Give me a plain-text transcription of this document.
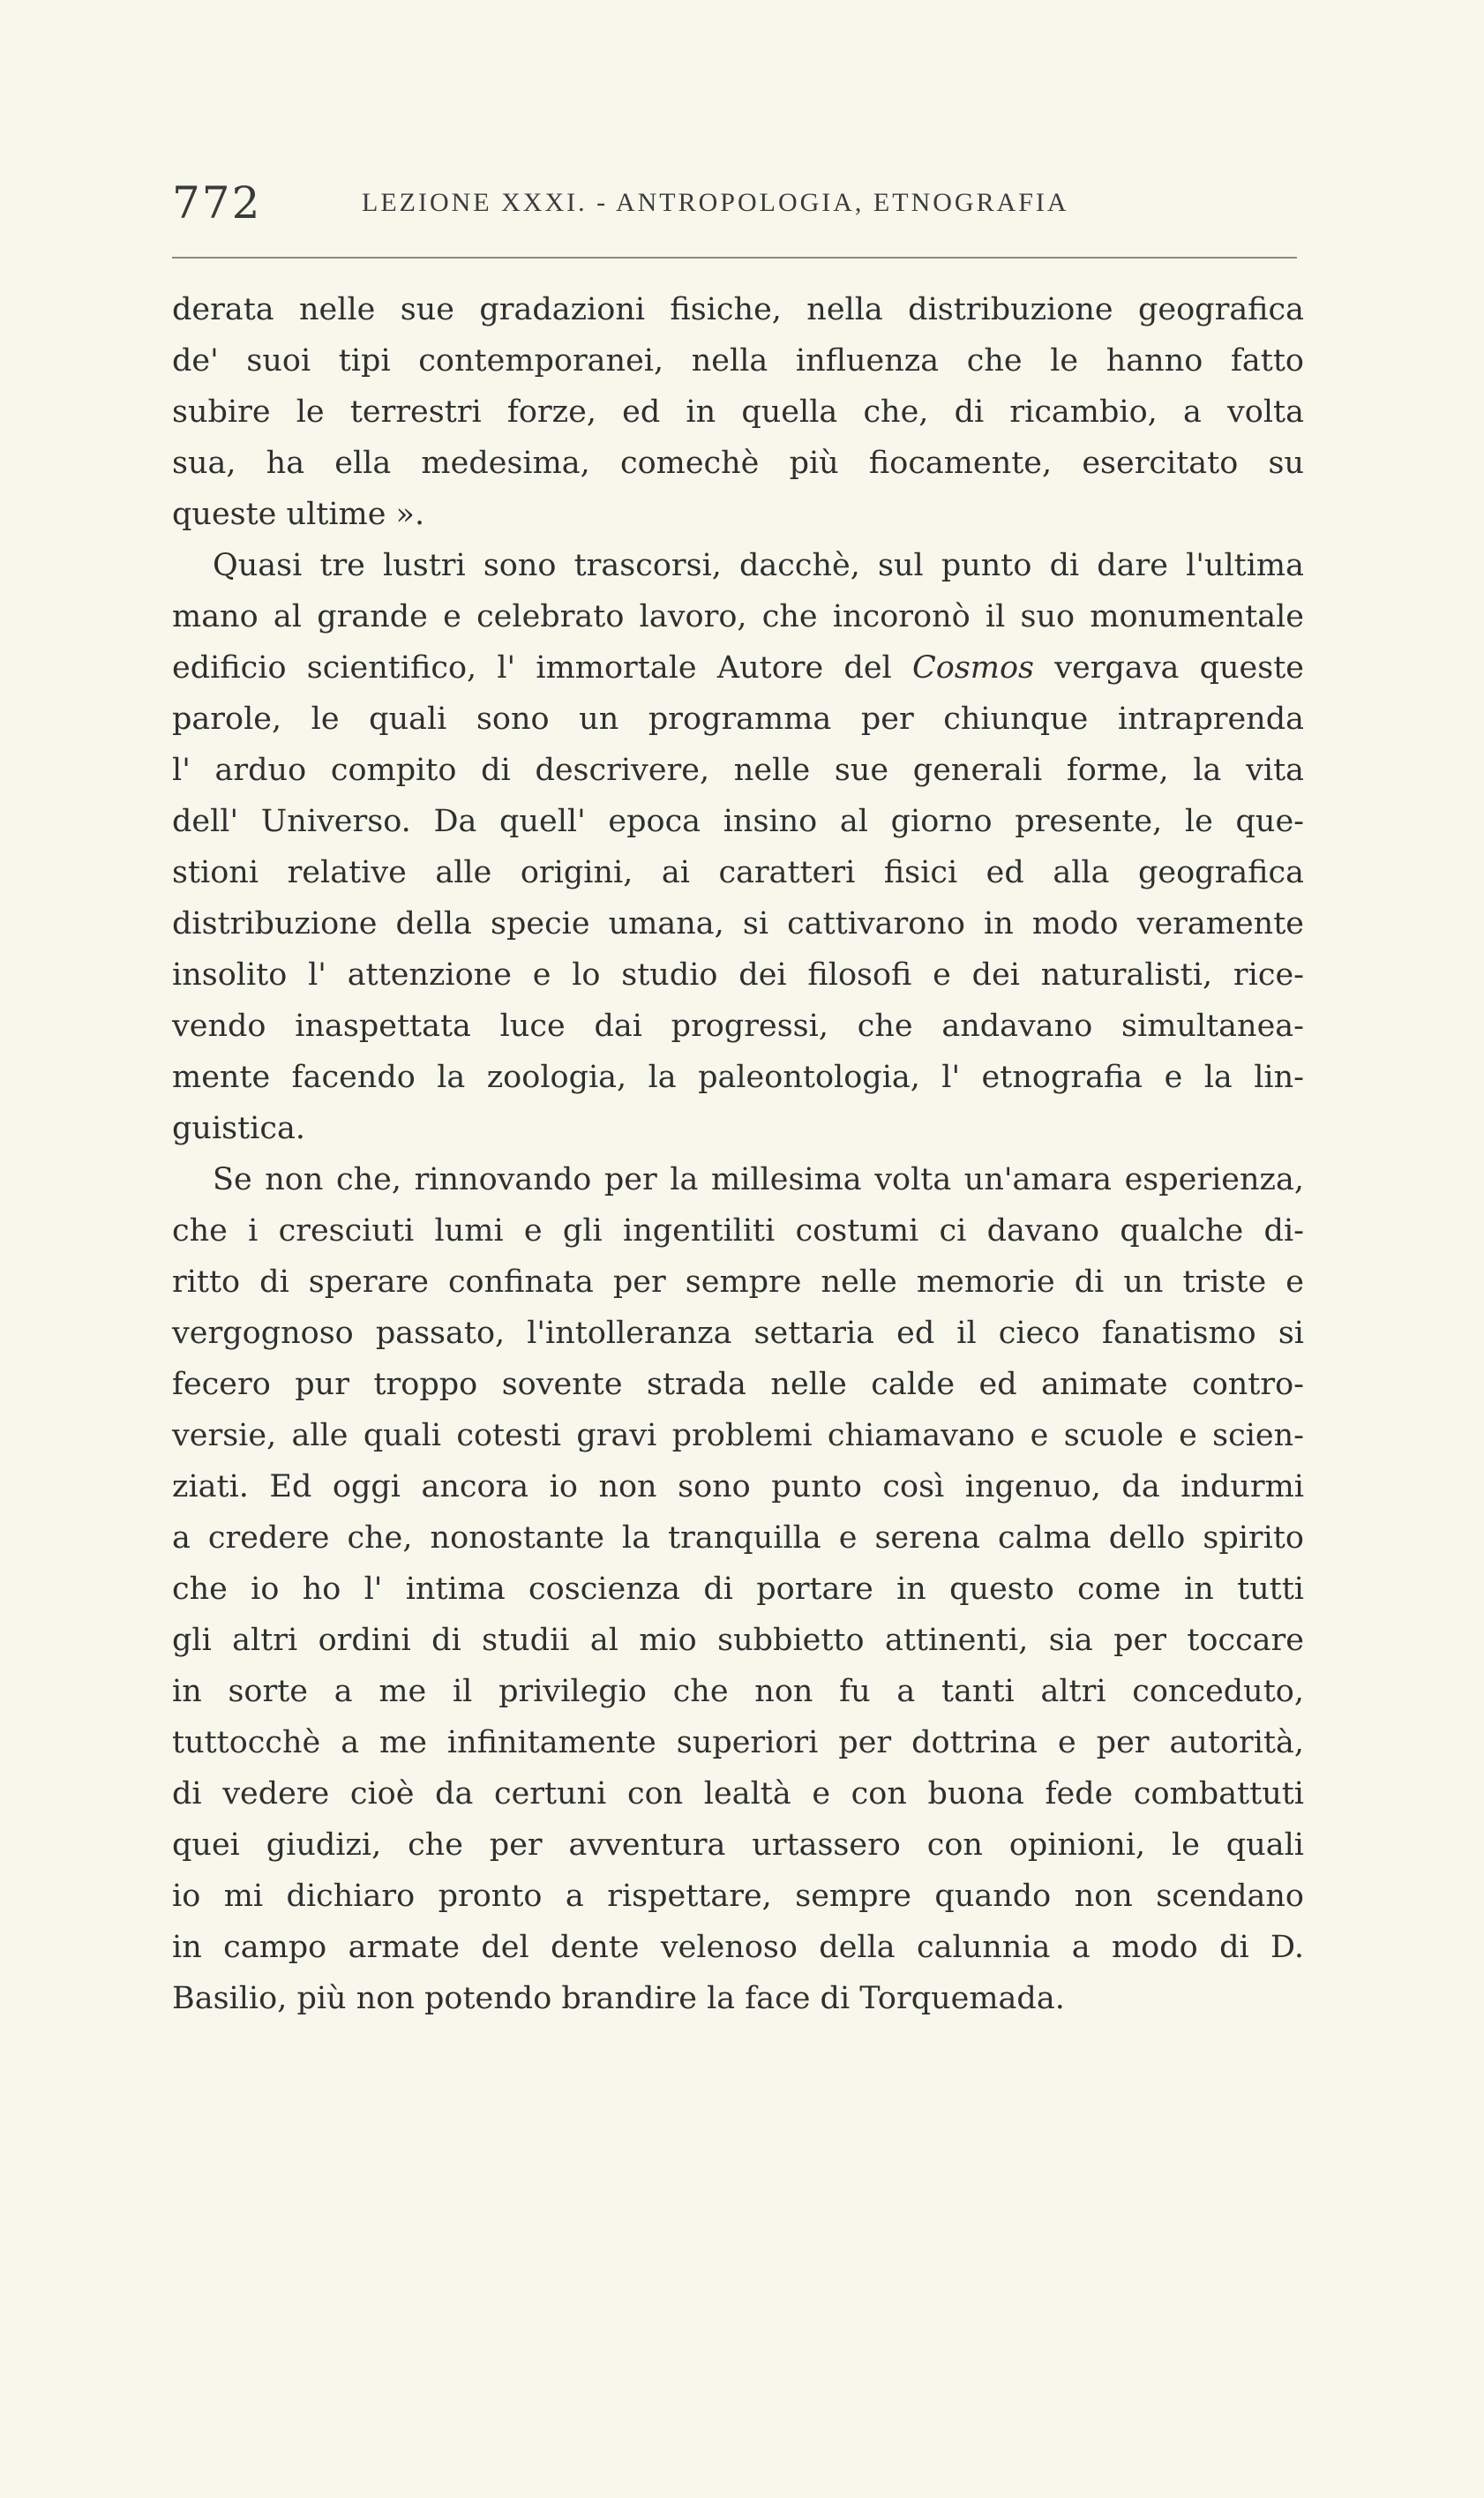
772	LEZIONE XXXI. - ANTROPOLOGIA, ETNOGRAFIA
derata nelle sue gradazioni fisiche, nella distribuzione geografica
de' suoi tipi contemporanei, nella influenza che le hanno fatto
subire le terrestri forze, ed in quella che, di ricambio, a volta
sua, ha ella medesima, comechè più fiocamente, esercitato su
queste ultime ».
Quasi tre lustri sono trascorsi, dacchè, sul punto di dare l'ultima
mano al grande e celebrato lavoro, che incoronò il suo monumentale
edificio scientifico, l' immortale Autore del Cosmos vergava queste
parole, le quali sono un programma per chiunque intraprenda
l' arduo compito di descrivere, nelle sue generali forme, la vita
dell' Universo. Da quell' epoca insino al giorno presente, le que-
stioni relative alle origini, ai caratteri fisici ed alla geografica
distribuzione della specie umana, si cattivarono in modo veramente
insolito l' attenzione e lo studio dei filosofi e dei naturalisti, rice-
vendo inaspettata luce dai progressi, che andavano simultanea-
mente facendo la zoologia, la paleontologia, l' etnografia e la lin-
guistica.
Se non che, rinnovando per la millesima volta un'amara esperienza,
che i cresciuti lumi e gli ingentiliti costumi ci davano qualche di-
ritto di sperare confinata per sempre nelle memorie di un triste e
vergognoso passato, l'intolleranza settaria ed il cieco fanatismo si
fecero pur troppo sovente strada nelle calde ed animate contro-
versie, alle quali cotesti gravi problemi chiamavano e scuole e scien-
ziati. Ed oggi ancora io non sono punto così ingenuo, da indurmi
a credere che, nonostante la tranquilla e serena calma dello spirito
che io ho l' intima coscienza di portare in questo come in tutti
gli altri ordini di studii al mio subbietto attinenti, sia per toccare
in sorte a me il privilegio che non fu a tanti altri conceduto,
tuttocchè a me infinitamente superiori per dottrina e per autorità,
di vedere cioè da certuni con lealtà e con buona fede combattuti
quei giudizi, che per avventura urtassero con opinioni, le quali
io mi dichiaro pronto a rispettare, sempre quando non scendano
in campo armate del dente velenoso della calunnia a modo di D.
Basilio, più non potendo brandire la face di Torquemada.
